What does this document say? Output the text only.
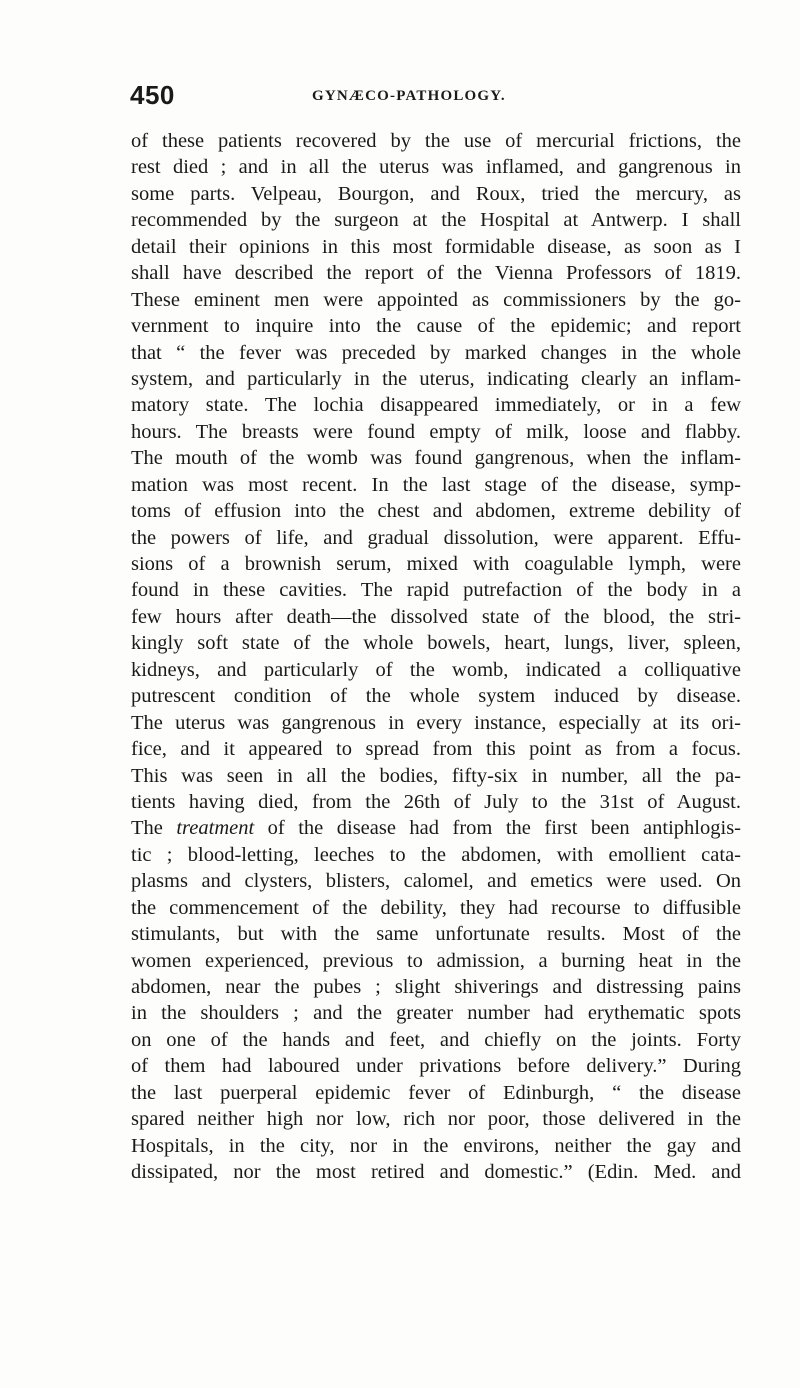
450	GYNÆCO-PATHOLOGY.
of these patients recovered by the use of mercurial frictions, the
rest died ; and in all the uterus was inflamed, and gangrenous in
some parts. Velpeau, Bourgon, and Roux, tried the mercury, as
recommended by the surgeon at the Hospital at Antwerp. I shall
detail their opinions in this most formidable disease, as soon as I
shall have described the report of the Vienna Professors of 1819.
These eminent men were appointed as commissioners by the go-
vernment to inquire into the cause of the epidemic; and report
that “ the fever was preceded by marked changes in the whole
system, and particularly in the uterus, indicating clearly an inflam-
matory state. The lochia disappeared immediately, or in a few
hours. The breasts were found empty of milk, loose and flabby.
The mouth of the womb was found gangrenous, when the inflam-
mation was most recent. In the last stage of the disease, symp-
toms of effusion into the chest and abdomen, extreme debility of
the powers of life, and gradual dissolution, were apparent. Effu-
sions of a brownish serum, mixed with coagulable lymph, were
found in these cavities. The rapid putrefaction of the body in a
few hours after death—the dissolved state of the blood, the stri-
kingly soft state of the whole bowels, heart, lungs, liver, spleen,
kidneys, and particularly of the womb, indicated a colliquative
putrescent condition of the whole system induced by disease.
The uterus was gangrenous in every instance, especially at its ori-
fice, and it appeared to spread from this point as from a focus.
This was seen in all the bodies, fifty-six in number, all the pa-
tients having died, from the 26th of July to the 31st of August.
The treatment of the disease had from the first been antiphlogis-
tic ; blood-letting, leeches to the abdomen, with emollient cata-
plasms and clysters, blisters, calomel, and emetics were used. On
the commencement of the debility, they had recourse to diffusible
stimulants, but with the same unfortunate results. Most of the
women experienced, previous to admission, a burning heat in the
abdomen, near the pubes ; slight shiverings and distressing pains
in the shoulders ; and the greater number had erythematic spots
on one of the hands and feet, and chiefly on the joints. Forty
of them had laboured under privations before delivery.” During
the last puerperal epidemic fever of Edinburgh, “ the disease
spared neither high nor low, rich nor poor, those delivered in the
Hospitals, in the city, nor in the environs, neither the gay and
dissipated, nor the most retired and domestic.” (Edin. Med. and
